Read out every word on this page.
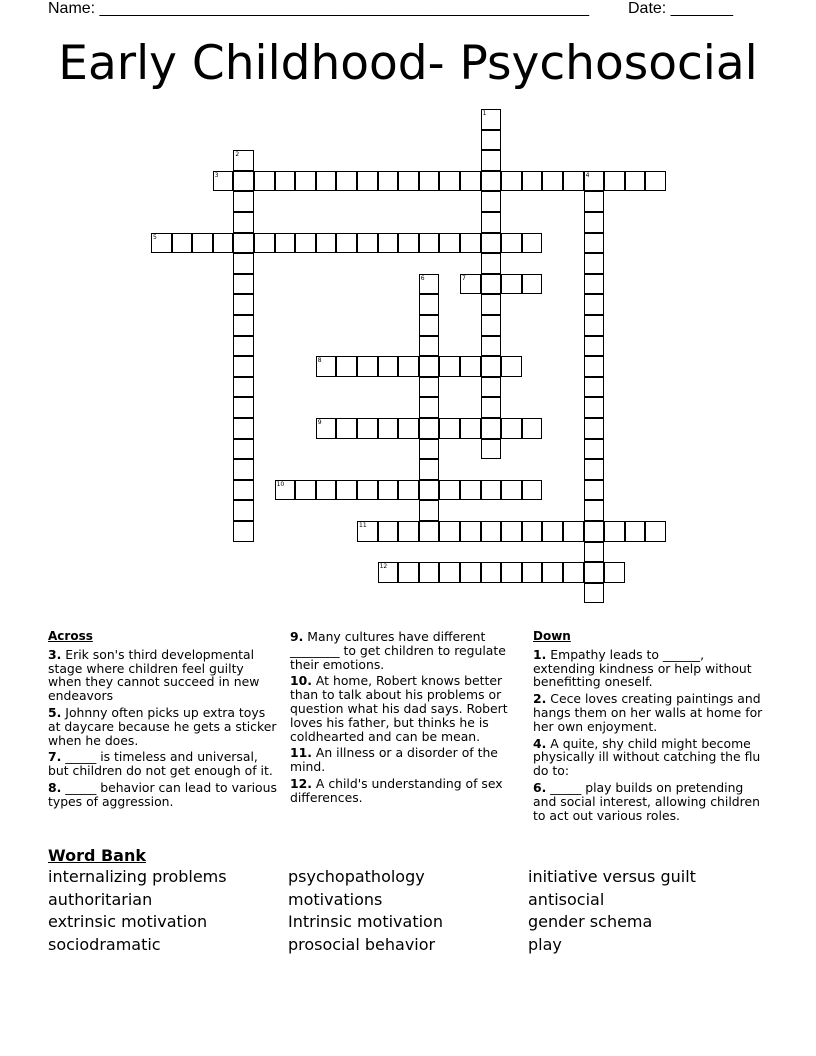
Name: _______________________________________________________ Date: _______
Early Childhood- Psychosocial
1
2
3	4
5
6	7
8
9
10
11
12
Across
3. Erik son's third developmental stage where children feel guilty when they cannot succeed in new endeavors
5. Johnny often picks up extra toys at daycare because he gets a sticker when he does.
7. _____ is timeless and universal, but children do not get enough of it.
8. _____ behavior can lead to various types of aggression.
9. Many cultures have different ________ to get children to regulate their emotions.
10. At home, Robert knows better than to talk about his problems or question what his dad says. Robert loves his father, but thinks he is coldhearted and can be mean.
11. An illness or a disorder of the mind.
12. A child's understanding of sex differences.
Down
1. Empathy leads to ______, extending kindness or help without benefitting oneself.
2. Cece loves creating paintings and hangs them on her walls at home for her own enjoyment.
4. A quite, shy child might become physically ill without catching the flu do to:
6. _____ play builds on pretending and social interest, allowing children to act out various roles.
Word Bank
internalizing problems	psychopathology	initiative versus guilt
authoritarian	motivations	antisocial
extrinsic motivation	Intrinsic motivation	gender schema
sociodramatic	prosocial behavior	play
